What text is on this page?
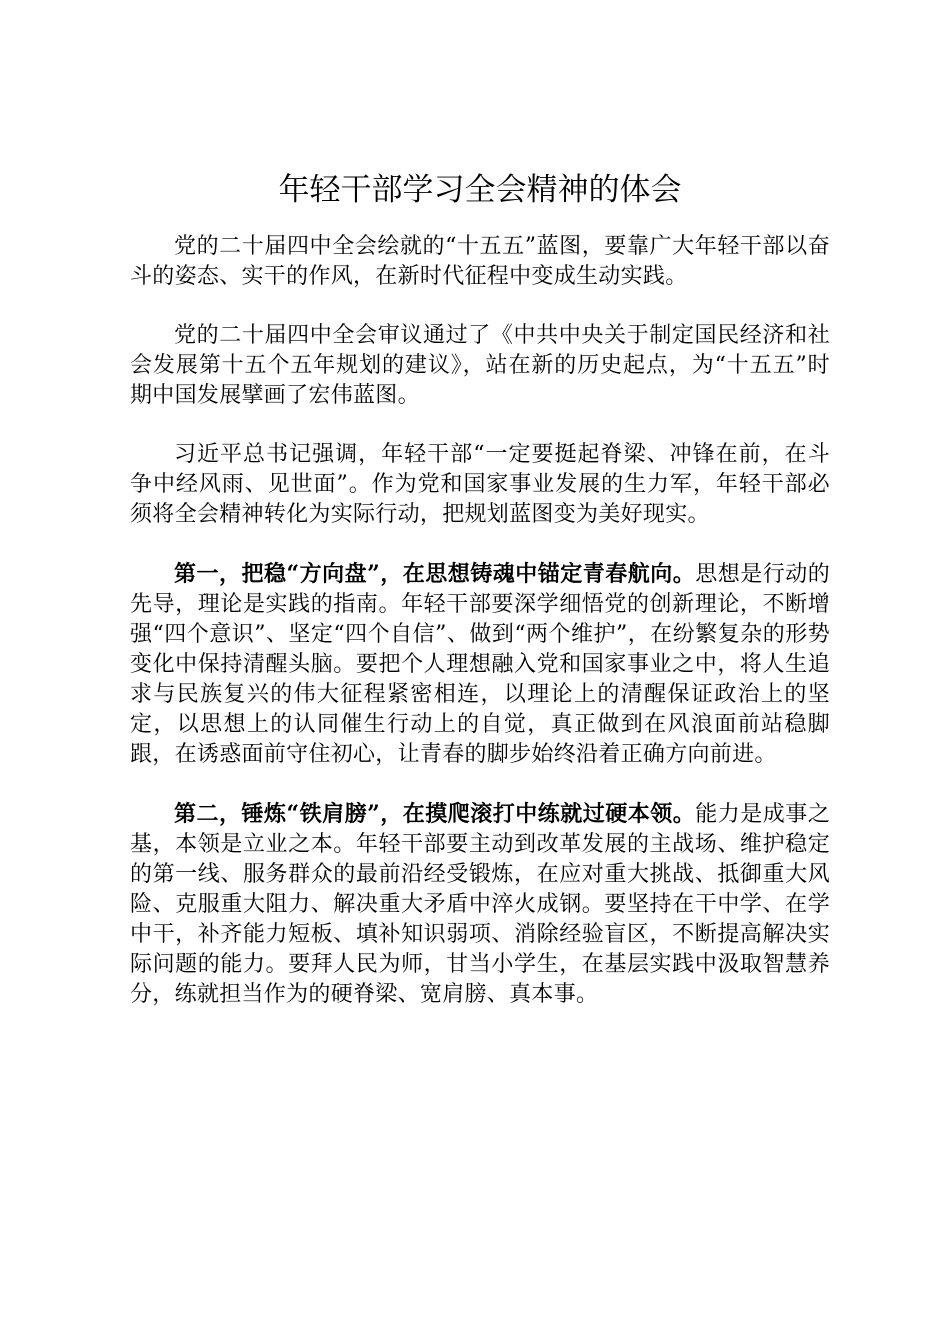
年轻干部学习全会精神的体会

党的二十届四中全会绘就的“十五五”蓝图，要靠广大年轻干部以奋斗的姿态、实干的作风，在新时代征程中变成生动实践。

党的二十届四中全会审议通过了《中共中央关于制定国民经济和社会发展第十五个五年规划的建议》，站在新的历史起点，为“十五五”时期中国发展擘画了宏伟蓝图。

习近平总书记强调，年轻干部“一定要挺起脊梁、冲锋在前，在斗争中经风雨、见世面”。作为党和国家事业发展的生力军，年轻干部必须将全会精神转化为实际行动，把规划蓝图变为美好现实。

第一，把稳“方向盘”，在思想铸魂中锚定青春航向。思想是行动的先导，理论是实践的指南。年轻干部要深学细悟党的创新理论，不断增强“四个意识”、坚定“四个自信”、做到“两个维护”，在纷繁复杂的形势变化中保持清醒头脑。要把个人理想融入党和国家事业之中，将人生追求与民族复兴的伟大征程紧密相连，以理论上的清醒保证政治上的坚定，以思想上的认同催生行动上的自觉，真正做到在风浪面前站稳脚跟，在诱惑面前守住初心，让青春的脚步始终沿着正确方向前进。

第二，锤炼“铁肩膀”，在摸爬滚打中练就过硬本领。能力是成事之基，本领是立业之本。年轻干部要主动到改革发展的主战场、维护稳定的第一线、服务群众的最前沿经受锻炼，在应对重大挑战、抵御重大风险、克服重大阻力、解决重大矛盾中淬火成钢。要坚持在干中学、在学中干，补齐能力短板、填补知识弱项、消除经验盲区，不断提高解决实际问题的能力。要拜人民为师，甘当小学生，在基层实践中汲取智慧养分，练就担当作为的硬脊梁、宽肩膀、真本事。
